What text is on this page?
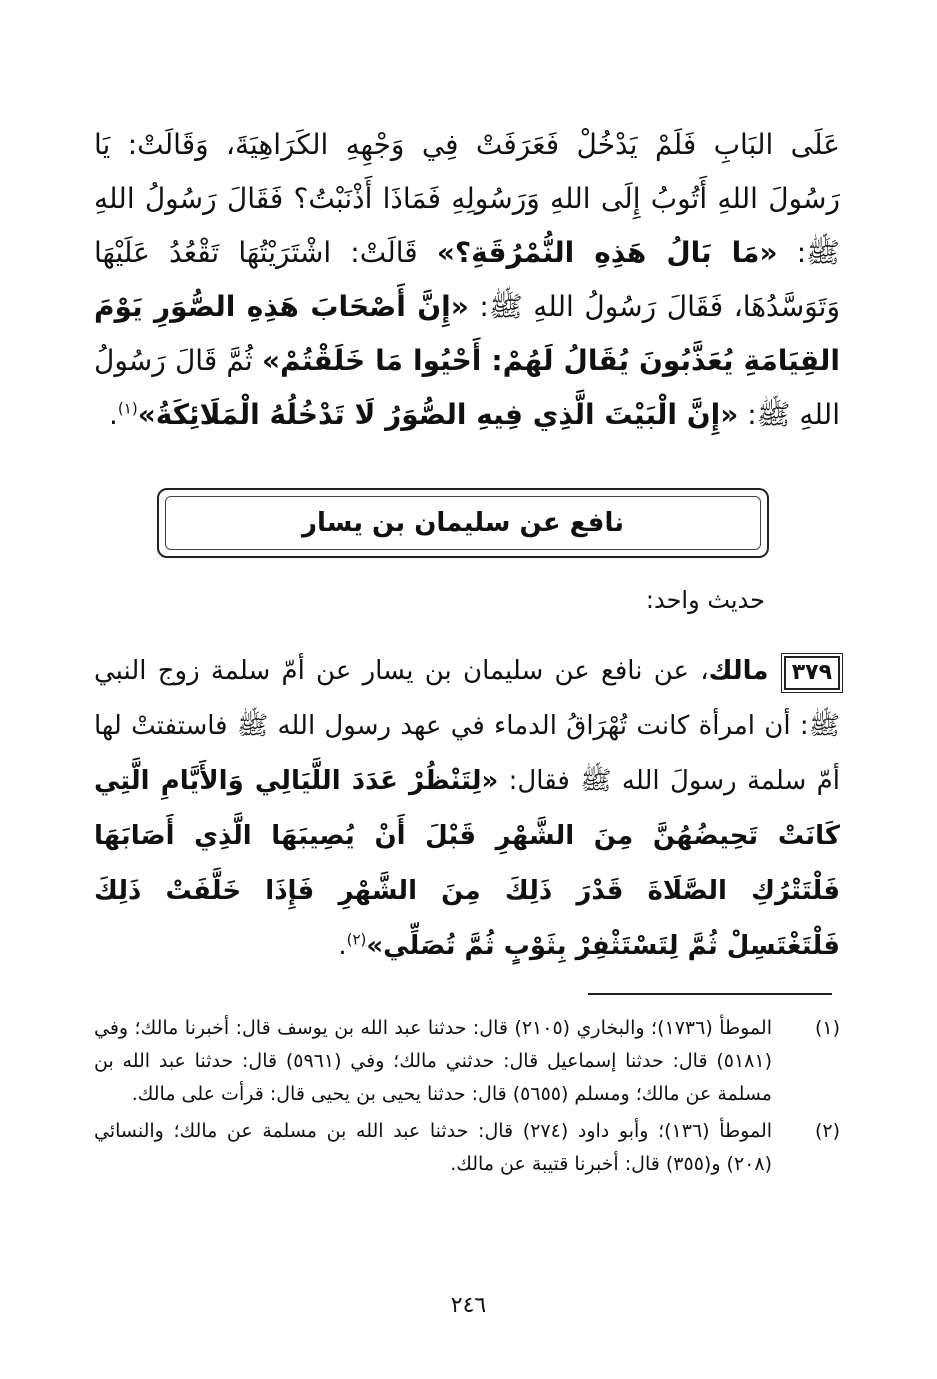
عَلَى البَابِ فَلَمْ يَدْخُلْ فَعَرَفَتْ فِي وَجْهِهِ الكَرَاهِيَةَ، وَقَالَتْ: يَا رَسُولَ اللهِ أَتُوبُ إِلَى اللهِ وَرَسُولِهِ فَمَاذَا أَذْنَبْتُ؟ فَقَالَ رَسُولُ اللهِ ﷺ: «مَا بَالُ هَذِهِ النُّمْرُقَةِ؟» قَالَتْ: اشْتَرَيْتُهَا تَقْعُدُ عَلَيْهَا وَتَوَسَّدُهَا، فَقَالَ رَسُولُ اللهِ ﷺ: «إِنَّ أَصْحَابَ هَذِهِ الصُّوَرِ يَوْمَ القِيَامَةِ يُعَذَّبُونَ يُقَالُ لَهُمْ: أَحْيُوا مَا خَلَقْتُمْ» ثُمَّ قَالَ رَسُولُ اللهِ ﷺ: «إِنَّ الْبَيْتَ الَّذِي فِيهِ الصُّوَرُ لَا تَدْخُلُهُ الْمَلَائِكَةُ»$^{(١)}$.

نافع عن سليمان بن يسار
حديث واحد:

٣٧٩ مالك، عن نافع عن سليمان بن يسار عن أمّ سلمة زوج النبي ﷺ: أن امرأة كانت تُهْرَاقُ الدماء في عهد رسول الله ﷺ فاستفتتْ لها أمّ سلمة رسولَ الله ﷺ فقال: «لِتَنْظُرْ عَدَدَ اللَّيَالِي وَالأَيَّامِ الَّتِي كَانَتْ تَحِيضُهُنَّ مِنَ الشَّهْرِ قَبْلَ أَنْ يُصِيبَهَا الَّذِي أَصَابَهَا فَلْتَتْرُكِ الصَّلَاةَ قَدْرَ ذَلِكَ مِنَ الشَّهْرِ فَإِذَا خَلَّفَتْ ذَلِكَ فَلْتَغْتَسِلْ ثُمَّ لِتَسْتَثْفِرْ بِثَوْبٍ ثُمَّ تُصَلِّي»$^{(٢)}$.

(١)
الموطأ (١٧٣٦)؛ والبخاري (٢١٠٥) قال: حدثنا عبد الله بن يوسف قال: أخبرنا مالك؛ وفي (٥١٨١) قال: حدثنا إسماعيل قال: حدثني مالك؛ وفي (٥٩٦١) قال: حدثنا عبد الله بن مسلمة عن مالك؛ ومسلم (٥٦٥٥) قال: حدثنا يحيى بن يحيى قال: قرأت على مالك.
(٢)
الموطأ (١٣٦)؛ وأبو داود (٢٧٤) قال: حدثنا عبد الله بن مسلمة عن مالك؛ والنسائي (٢٠٨) و(٣٥٥) قال: أخبرنا قتيبة عن مالك.
٢٤٦
